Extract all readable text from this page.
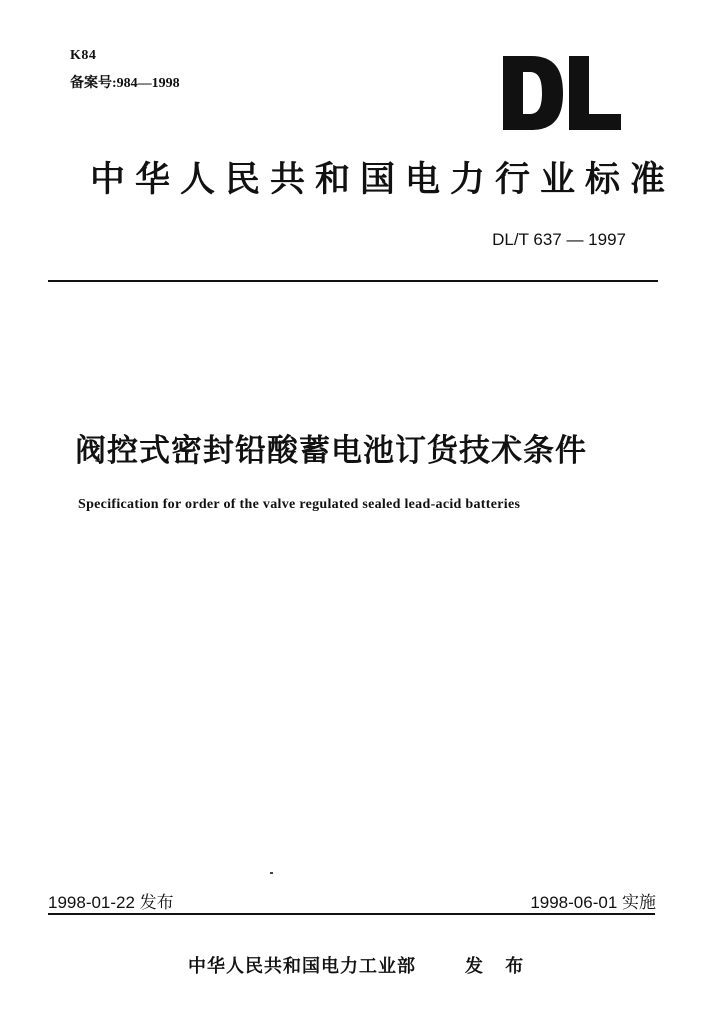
K84
备案号:984—1998
中华人民共和国电力行业标准
DL/T 637 — 1997
阀控式密封铅酸蓄电池订货技术条件
Specification for order of the valve regulated sealed lead-acid batteries
1998-01-22 发布	1998-06-01 实施
中华人民共和国电力工业部	发 布
